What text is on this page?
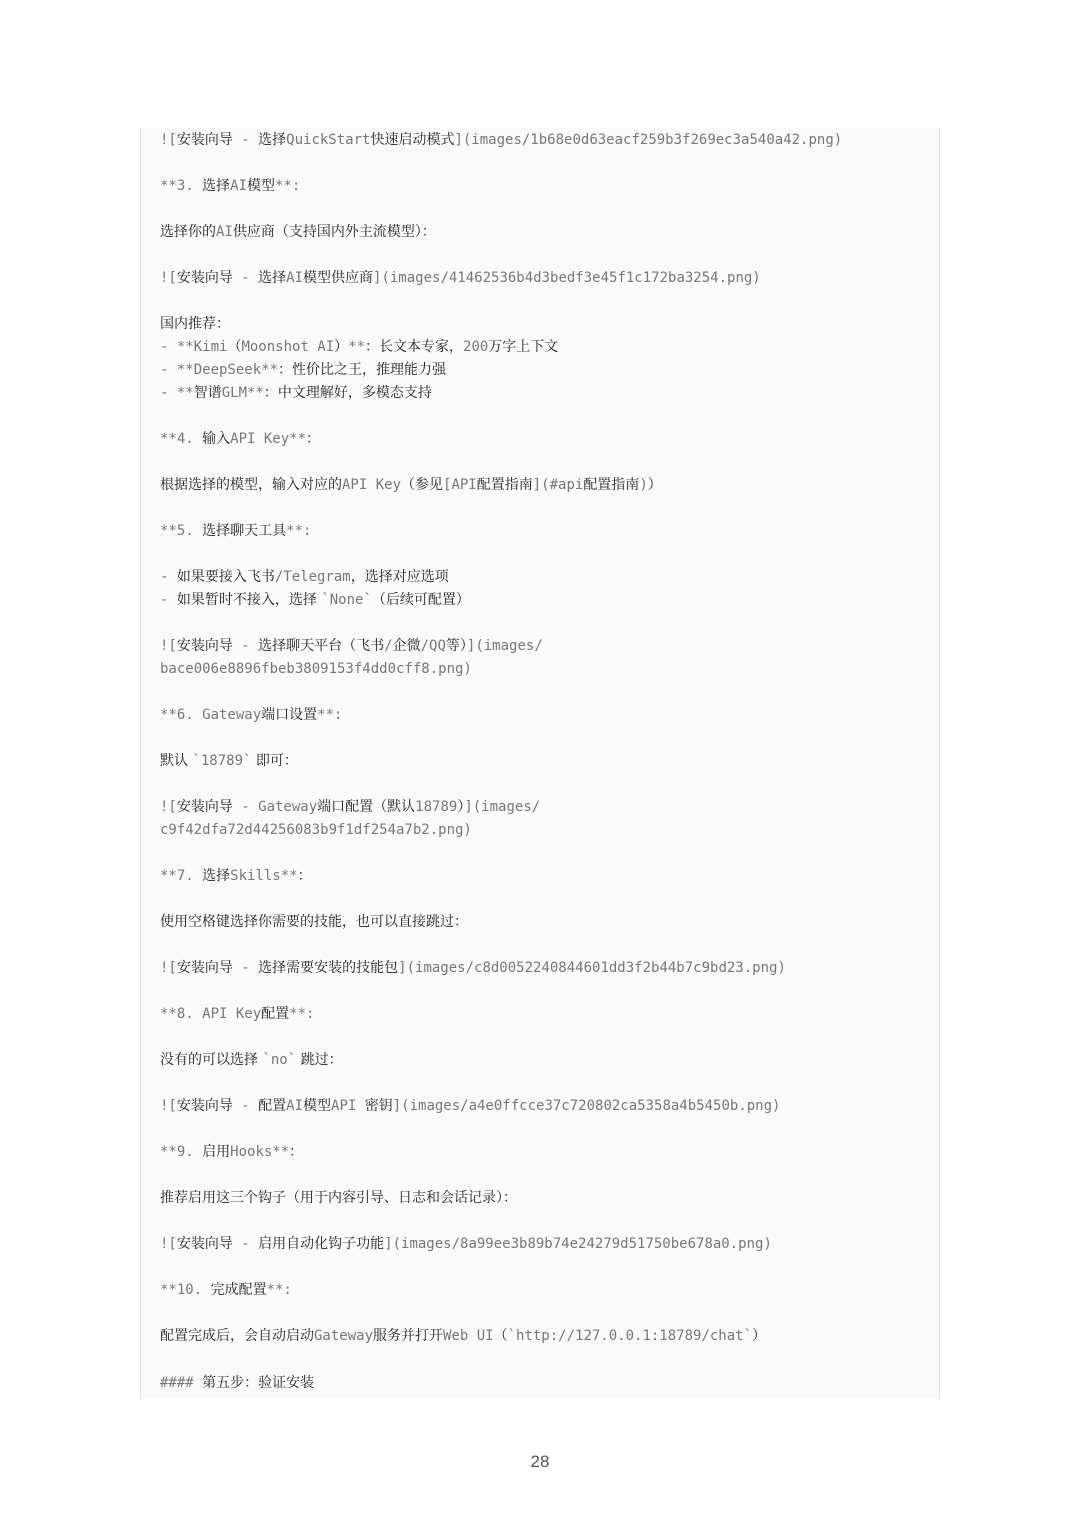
![安装向导 - 选择QuickStart快速启动模式](images/1b68e0d63eacf259b3f269ec3a540a42.png)
**3. 选择AI模型**:
选择你的AI供应商（支持国内外主流模型）：
![安装向导 - 选择AI模型供应商](images/41462536b4d3bedf3e45f1c172ba3254.png)
国内推荐：
- **Kimi（Moonshot AI）**：长文本专家，200万字上下文
- **DeepSeek**：性价比之王，推理能力强
- **智谱GLM**：中文理解好，多模态支持
**4. 输入API Key**：
根据选择的模型，输入对应的API Key（参见[API配置指南](#api配置指南)）
**5. 选择聊天工具**:
- 如果要接入飞书/Telegram，选择对应选项
- 如果暂时不接入，选择 `None`（后续可配置）
![安装向导 - 选择聊天平台（飞书/企微/QQ等）](images/
bace006e8896fbeb3809153f4dd0cff8.png)
**6. Gateway端口设置**:
默认 `18789` 即可：
![安装向导 - Gateway端口配置（默认18789）](images/
c9f42dfa72d44256083b9f1df254a7b2.png)
**7. 选择Skills**：
使用空格键选择你需要的技能，也可以直接跳过：
![安装向导 - 选择需要安装的技能包](images/c8d0052240844601dd3f2b44b7c9bd23.png)
**8. API Key配置**:
没有的可以选择 `no` 跳过：
![安装向导 - 配置AI模型API 密钥](images/a4e0ffcce37c720802ca5358a4b5450b.png)
**9. 启用Hooks**：
推荐启用这三个钩子（用于内容引导、日志和会话记录）：
![安装向导 - 启用自动化钩子功能](images/8a99ee3b89b74e24279d51750be678a0.png)
**10. 完成配置**:
配置完成后，会自动启动Gateway服务并打开Web UI（`http://127.0.0.1:18789/chat`）
#### 第五步：验证安装
28
